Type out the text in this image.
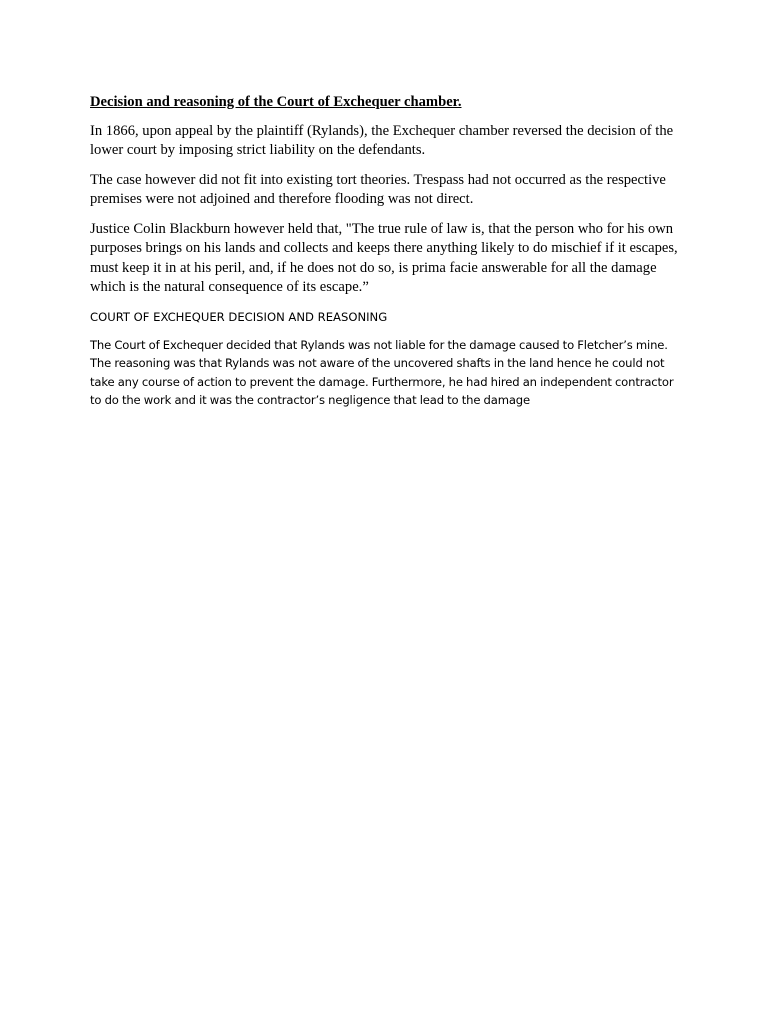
Decision and reasoning of the Court of Exchequer chamber.

In 1866, upon appeal by the plaintiff (Rylands), the Exchequer chamber reversed the decision of the lower court by imposing strict liability on the defendants.

The case however did not fit into existing tort theories. Trespass had not occurred as the respective premises were not adjoined and therefore flooding was not direct.

Justice Colin Blackburn however held that, "The true rule of law is, that the person who for his own purposes brings on his lands and collects and keeps there anything likely to do mischief if it escapes, must keep it in at his peril, and, if he does not do so, is prima facie answerable for all the damage which is the natural consequence of its escape.”

COURT OF EXCHEQUER DECISION AND REASONING

The Court of Exchequer decided that Rylands was not liable for the damage caused to Fletcher’s mine. The reasoning was that Rylands was not aware of the uncovered shafts in the land hence he could not take any course of action to prevent the damage. Furthermore, he had hired an independent contractor to do the work and it was the contractor’s negligence that lead to the damage
